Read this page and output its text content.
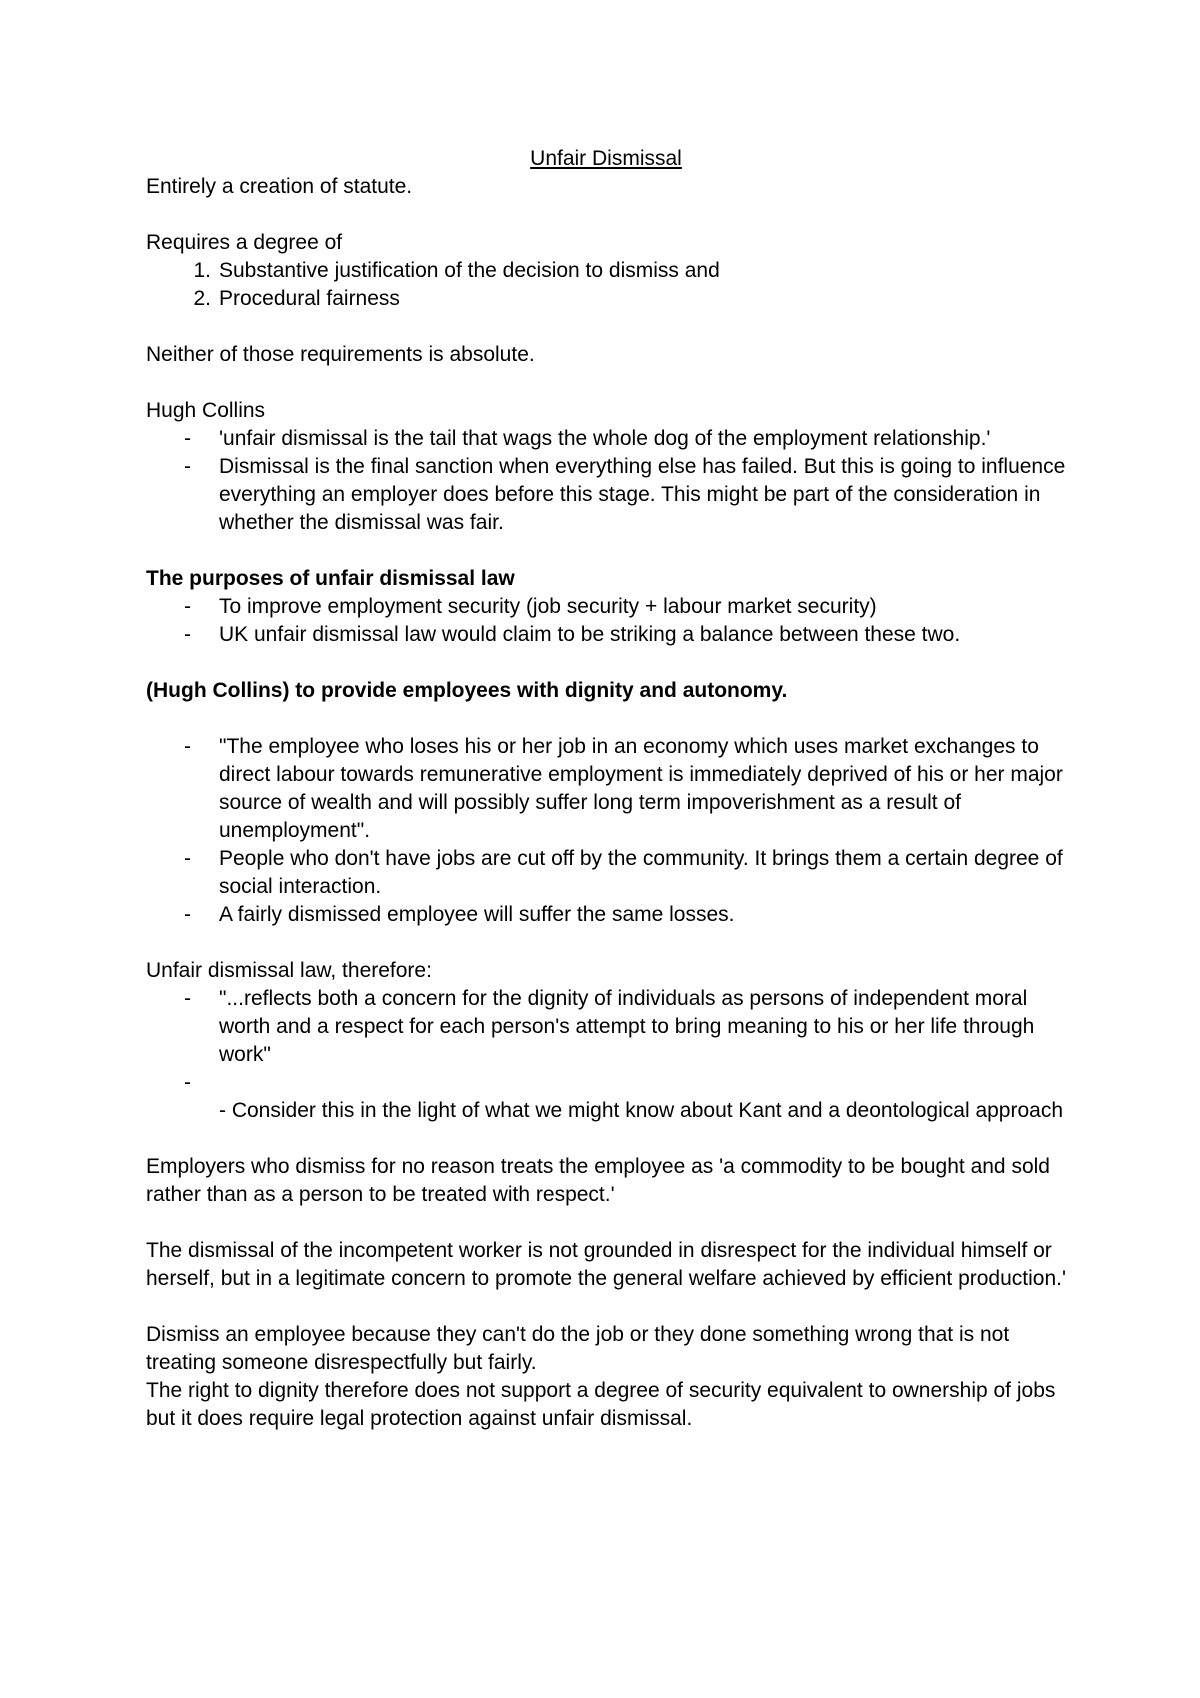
Unfair Dismissal

Entirely a creation of statute.

Requires a degree of

1. Substantive justification of the decision to dismiss and
2. Procedural fairness

Neither of those requirements is absolute.

Hugh Collins

-	'unfair dismissal is the tail that wags the whole dog of the employment relationship.'
-	Dismissal is the final sanction when everything else has failed. But this is going to influence everything an employer does before this stage. This might be part of the consideration in whether the dismissal was fair.

The purposes of unfair dismissal law

-	To improve employment security (job security + labour market security)
-	UK unfair dismissal law would claim to be striking a balance between these two.

(Hugh Collins) to provide employees with dignity and autonomy.

-	"The employee who loses his or her job in an economy which uses market exchanges to direct labour towards remunerative employment is immediately deprived of his or her major source of wealth and will possibly suffer long term impoverishment as a result of unemployment".
-	People who don't have jobs are cut off by the community. It brings them a certain degree of social interaction.
-	A fairly dismissed employee will suffer the same losses.

Unfair dismissal law, therefore:

-	"...reflects both a concern for the dignity of individuals as persons of independent moral worth and a respect for each person's attempt to bring meaning to his or her life through work"
-

- Consider this in the light of what we might know about Kant and a deontological approach

Employers who dismiss for no reason treats the employee as 'a commodity to be bought and sold rather than as a person to be treated with respect.'

The dismissal of the incompetent worker is not grounded in disrespect for the individual himself or herself, but in a legitimate concern to promote the general welfare achieved by efficient production.'

Dismiss an employee because they can't do the job or they done something wrong that is not treating someone disrespectfully but fairly.

The right to dignity therefore does not support a degree of security equivalent to ownership of jobs but it does require legal protection against unfair dismissal.
